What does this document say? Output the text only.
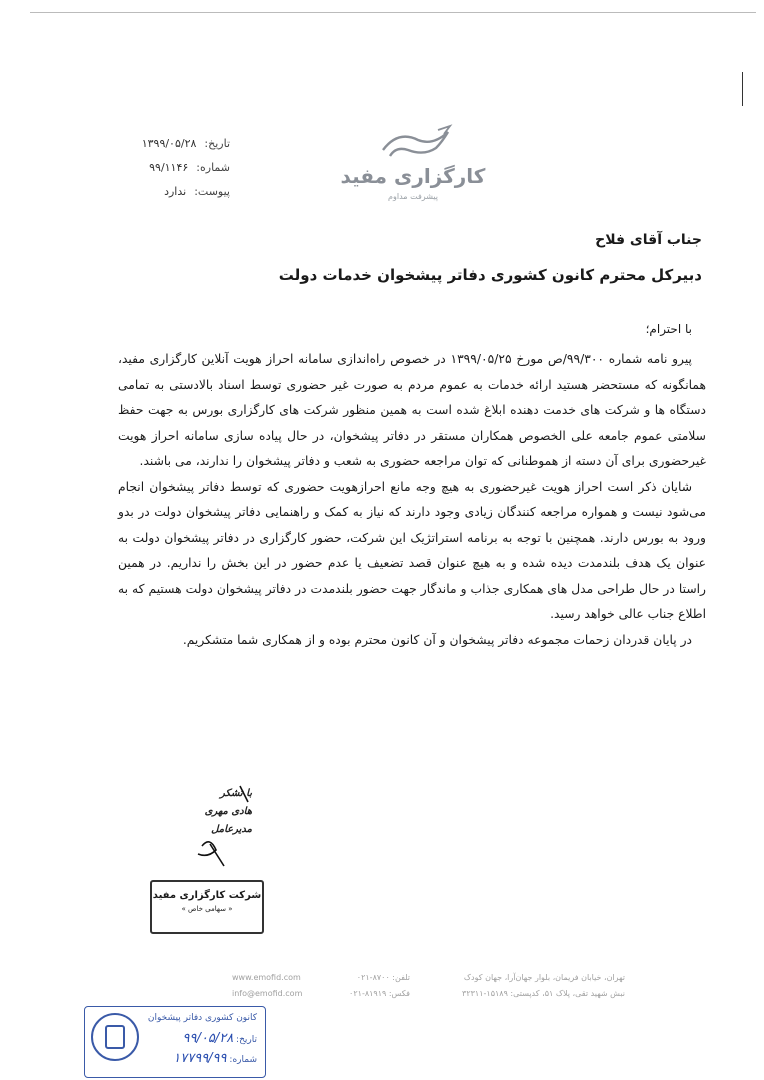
تاریخ:
۱۳۹۹/۰۵/۲۸
شماره:
۹۹/۱۱۴۶
پیوست:
ندارد
کارگزاری مفید
پیشرفت مداوم
جناب آقای فلاح
دبیرکل محترم کانون کشوری دفاتر پیشخوان خدمات دولت
با احترام؛

پیرو نامه شماره ۹۹/۳۰۰/ص مورخ ۱۳۹۹/۰۵/۲۵ در خصوص راه‌اندازی سامانه احراز هویت آنلاین کارگزاری مفید، همانگونه که مستحضر هستید ارائه خدمات به عموم مردم به صورت غیر حضوری توسط اسناد بالادستی به تمامی دستگاه ها و شرکت های خدمت دهنده ابلاغ شده است به همین منظور شرکت های کارگزاری بورس به جهت حفظ سلامتی عموم جامعه علی الخصوص همکاران مستقر در دفاتر پیشخوان، در حال پیاده سازی سامانه احراز هویت غیرحضوری برای آن دسته از هموطنانی که توان مراجعه حضوری به شعب و دفاتر پیشخوان را ندارند، می باشند.

شایان ذکر است احراز هویت غیرحضوری به هیچ وجه مانع احرازهویت حضوری که توسط دفاتر پیشخوان انجام می‌شود نیست و همواره مراجعه کنندگان زیادی وجود دارند که نیاز به کمک و راهنمایی دفاتر پیشخوان دولت در بدو ورود به بورس دارند. همچنین با توجه به برنامه استراتژیک این شرکت، حضور کارگزاری در دفاتر پیشخوان دولت به عنوان یک هدف بلندمدت دیده شده و به هیچ عنوان قصد تضعیف یا عدم حضور در این بخش را نداریم. در همین راستا در حال طراحی مدل های همکاری جذاب و ماندگار جهت حضور بلندمدت در دفاتر پیشخوان دولت هستیم که به اطلاع جناب عالی خواهد رسید.

در پایان قدردان زحمات مجموعه دفاتر پیشخوان و آن کانون محترم بوده و از همکاری شما متشکریم.

با تشکر
هادی مهری
مدیرعامل
شرکت کارگزاری مفید
« سهامی خاص »
www.emofid.com
info@emofid.com
تلفن: ۸۷۰۰-۰۲۱
فکس: ۸۱۹۱۹-۰۲۱
تهران، خیابان فریمان، بلوار جهان‌آرا، جهان کودک
نبش شهید تقی، پلاک ۵۱، کدپستی: ۱۵۱۸۹-۳۲۳۱۱
کانون کشوری دفاتر پیشخوان
تاریخ: ۹۹/۰۵/۲۸
شماره: ۱۷۷۹۹/۹۹
